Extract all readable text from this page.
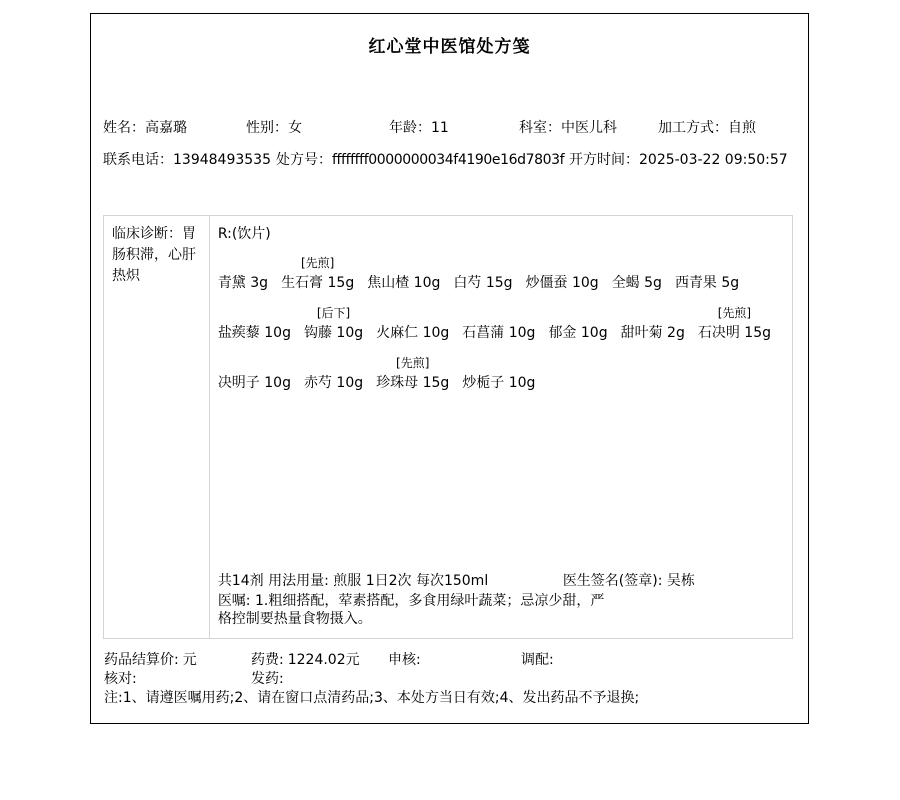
红心堂中医馆处方笺
姓名：高嘉璐	性别：女	年龄：11	科室：中医儿科	加工方式：自煎
联系电话：13948493535 处方号：ffffffff0000000034f4190e16d7803f 开方时间：2025-03-22 09:50:57
临床诊断：胃肠积滞，心肝热炽
R:(饮片)
青黛 3g
[先煎]
生石膏 15g 焦山楂 10g 白芍 15g 炒僵蚕 10g 全蝎 5g 西青果 5g
盐蒺藜 10g
[后下]
钩藤 10g 火麻仁 10g 石菖蒲 10g 郁金 10g 甜叶菊 2g
[先煎]
石决明 15g
决明子 10g 赤芍 10g
[先煎]
珍珠母 15g 炒栀子 10g
共14剂 用法用量: 煎服 1日2次 每次150ml	医生签名(签章): 吴栋
医嘱: 1.粗细搭配，荤素搭配，多食用绿叶蔬菜；忌凉少甜，严格控制要热量食物摄入。
药品结算价: 元	药费: 1224.02元 申核:	调配:
核对:	发药:
注:1、请遵医嘱用药;2、请在窗口点清药品;3、本处方当日有效;4、发出药品不予退换;
